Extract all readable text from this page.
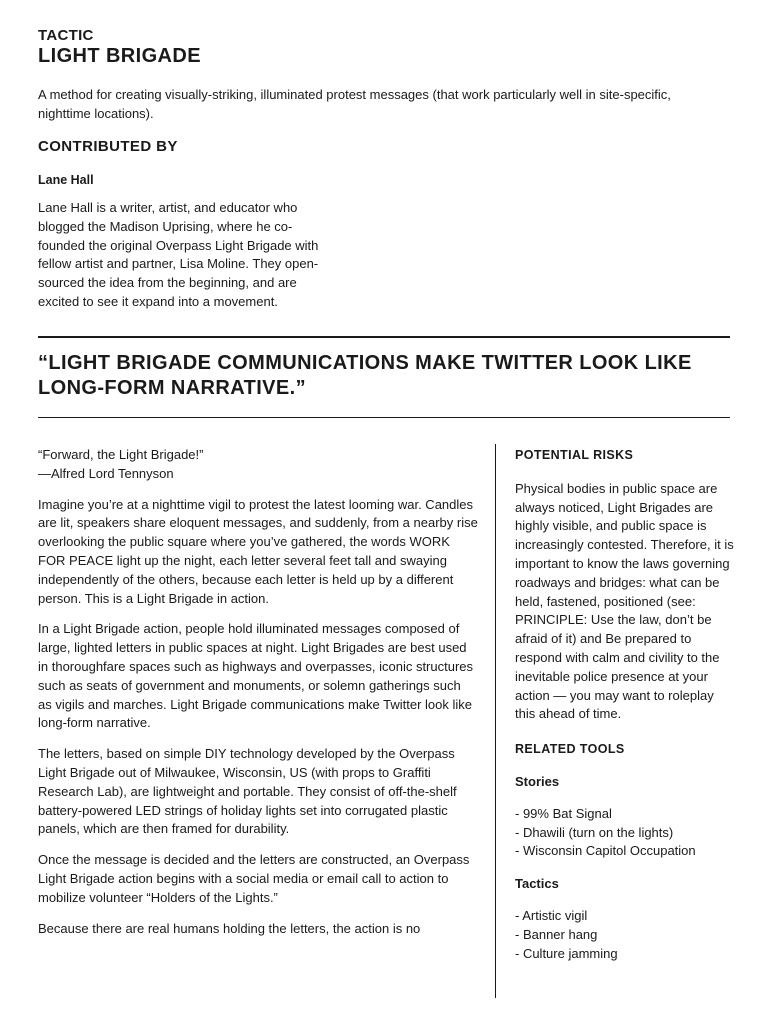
TACTIC
LIGHT BRIGADE
A method for creating visually-striking, illuminated protest messages (that work particularly well in site-specific, nighttime locations).
CONTRIBUTED BY
Lane Hall
Lane Hall is a writer, artist, and educator who blogged the Madison Uprising, where he co-founded the original Overpass Light Brigade with fellow artist and partner, Lisa Moline. They open-sourced the idea from the beginning, and are excited to see it expand into a movement.
“LIGHT BRIGADE COMMUNICATIONS MAKE TWITTER LOOK LIKE LONG-FORM NARRATIVE.”

“Forward, the Light Brigade!”
—Alfred Lord Tennyson

Imagine you’re at a nighttime vigil to protest the latest looming war. Candles are lit, speakers share eloquent messages, and suddenly, from a nearby rise overlooking the public square where you’ve gathered, the words WORK FOR PEACE light up the night, each letter several feet tall and swaying independently of the others, because each letter is held up by a different person. This is a Light Brigade in action.

In a Light Brigade action, people hold illuminated messages composed of large, lighted letters in public spaces at night. Light Brigades are best used in thoroughfare spaces such as highways and overpasses, iconic structures such as seats of government and monuments, or solemn gatherings such as vigils and marches. Light Brigade communications make Twitter look like long-form narrative.

The letters, based on simple DIY technology developed by the Overpass Light Brigade out of Milwaukee, Wisconsin, US (with props to Graffiti Research Lab), are lightweight and portable. They consist of off-the-shelf battery-powered LED strings of holiday lights set into corrugated plastic panels, which are then framed for durability.

Once the message is decided and the letters are constructed, an Overpass Light Brigade action begins with a social media or email call to action to mobilize volunteer “Holders of the Lights.”

Because there are real humans holding the letters, the action is no

POTENTIAL RISKS

Physical bodies in public space are always noticed, Light Brigades are highly visible, and public space is increasingly contested. Therefore, it is important to know the laws governing roadways and bridges: what can be held, fastened, positioned (see: PRINCIPLE: Use the law, don’t be afraid of it) and Be prepared to respond with calm and civility to the inevitable police presence at your action — you may want to roleplay this ahead of time.

RELATED TOOLS
Stories
- 99% Bat Signal
- Dhawili (turn on the lights)
- Wisconsin Capitol Occupation
Tactics
- Artistic vigil
- Banner hang
- Culture jamming
